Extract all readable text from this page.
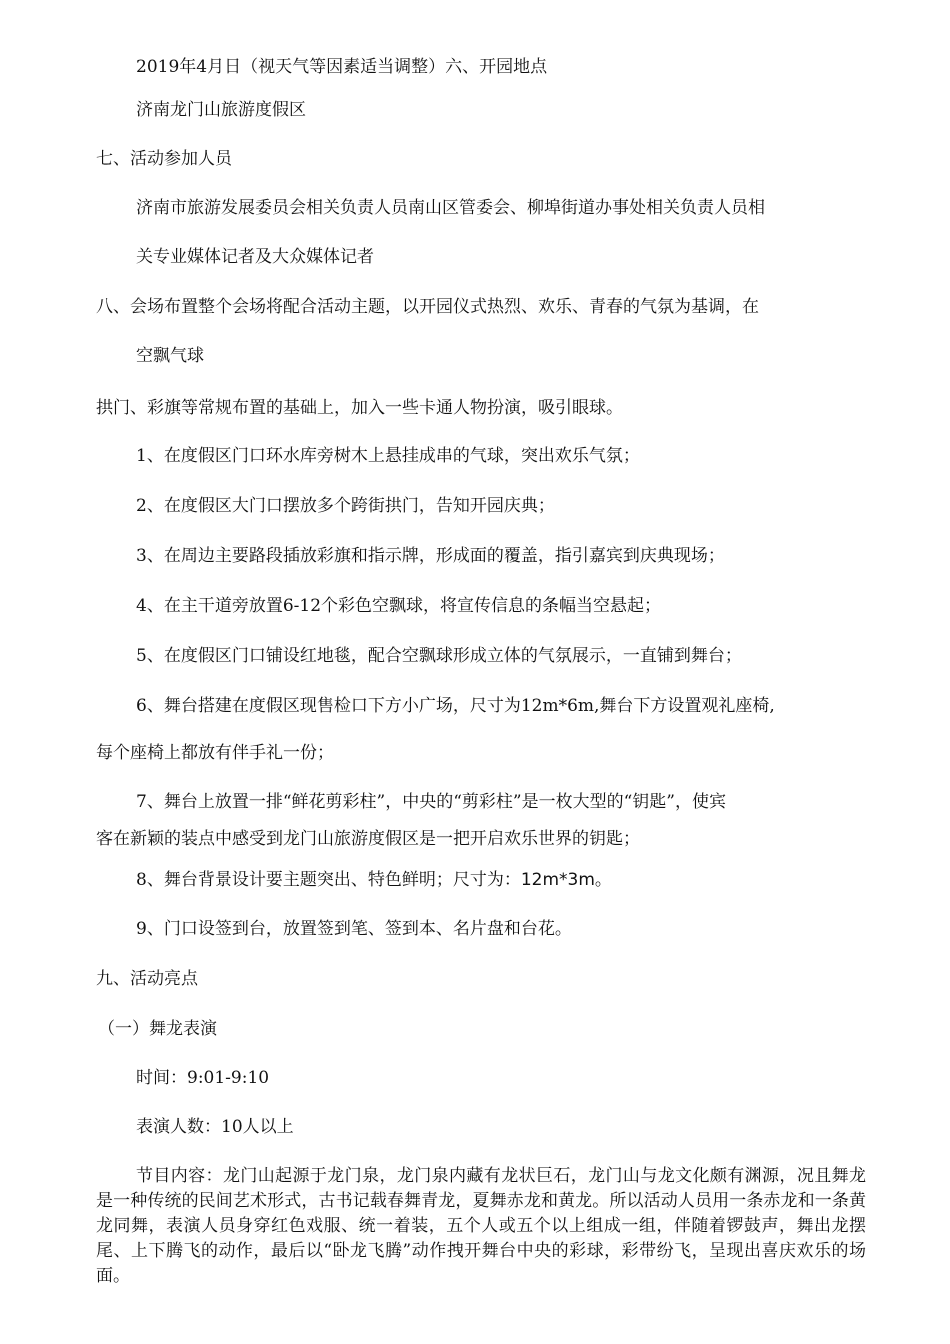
2019年4月日（视天气等因素适当调整）六、开园地点

济南龙门山旅游度假区

七、活动参加人员

济南市旅游发展委员会相关负责人员南山区管委会、柳埠街道办事处相关负责人员相

关专业媒体记者及大众媒体记者

八、会场布置整个会场将配合活动主题，以开园仪式热烈、欢乐、青春的气氛为基调，在

空飘气球

拱门、彩旗等常规布置的基础上，加入一些卡通人物扮演，吸引眼球。

1、在度假区门口环水库旁树木上悬挂成串的气球，突出欢乐气氛；

2、在度假区大门口摆放多个跨街拱门，告知开园庆典；

3、在周边主要路段插放彩旗和指示牌，形成面的覆盖，指引嘉宾到庆典现场；

4、在主干道旁放置6-12个彩色空飘球，将宣传信息的条幅当空悬起；

5、在度假区门口铺设红地毯，配合空飘球形成立体的气氛展示，一直铺到舞台；

6、舞台搭建在度假区现售检口下方小广场，尺寸为12m*6m,舞台下方设置观礼座椅,

每个座椅上都放有伴手礼一份；

7、舞台上放置一排“鲜花剪彩柱”，中央的“剪彩柱”是一枚大型的“钥匙”，使宾

客在新颖的装点中感受到龙门山旅游度假区是一把开启欢乐世界的钥匙；

8、舞台背景设计要主题突出、特色鲜明；尺寸为：12m*3m。

9、门口设签到台，放置签到笔、签到本、名片盘和台花。

九、活动亮点

（一）舞龙表演

时间：9:01-9:10

表演人数：10人以上

节目内容：龙门山起源于龙门泉，龙门泉内藏有龙状巨石，龙门山与龙文化颇有渊源，况且舞龙是一种传统的民间艺术形式，古书记载春舞青龙，夏舞赤龙和黄龙。所以活动人员用一条赤龙和一条黄龙同舞，表演人员身穿红色戏服、统一着装，五个人或五个以上组成一组，伴随着锣鼓声，舞出龙摆尾、上下腾飞的动作，最后以“卧龙飞腾”动作拽开舞台中央的彩球，彩带纷飞，呈现出喜庆欢乐的场面。
